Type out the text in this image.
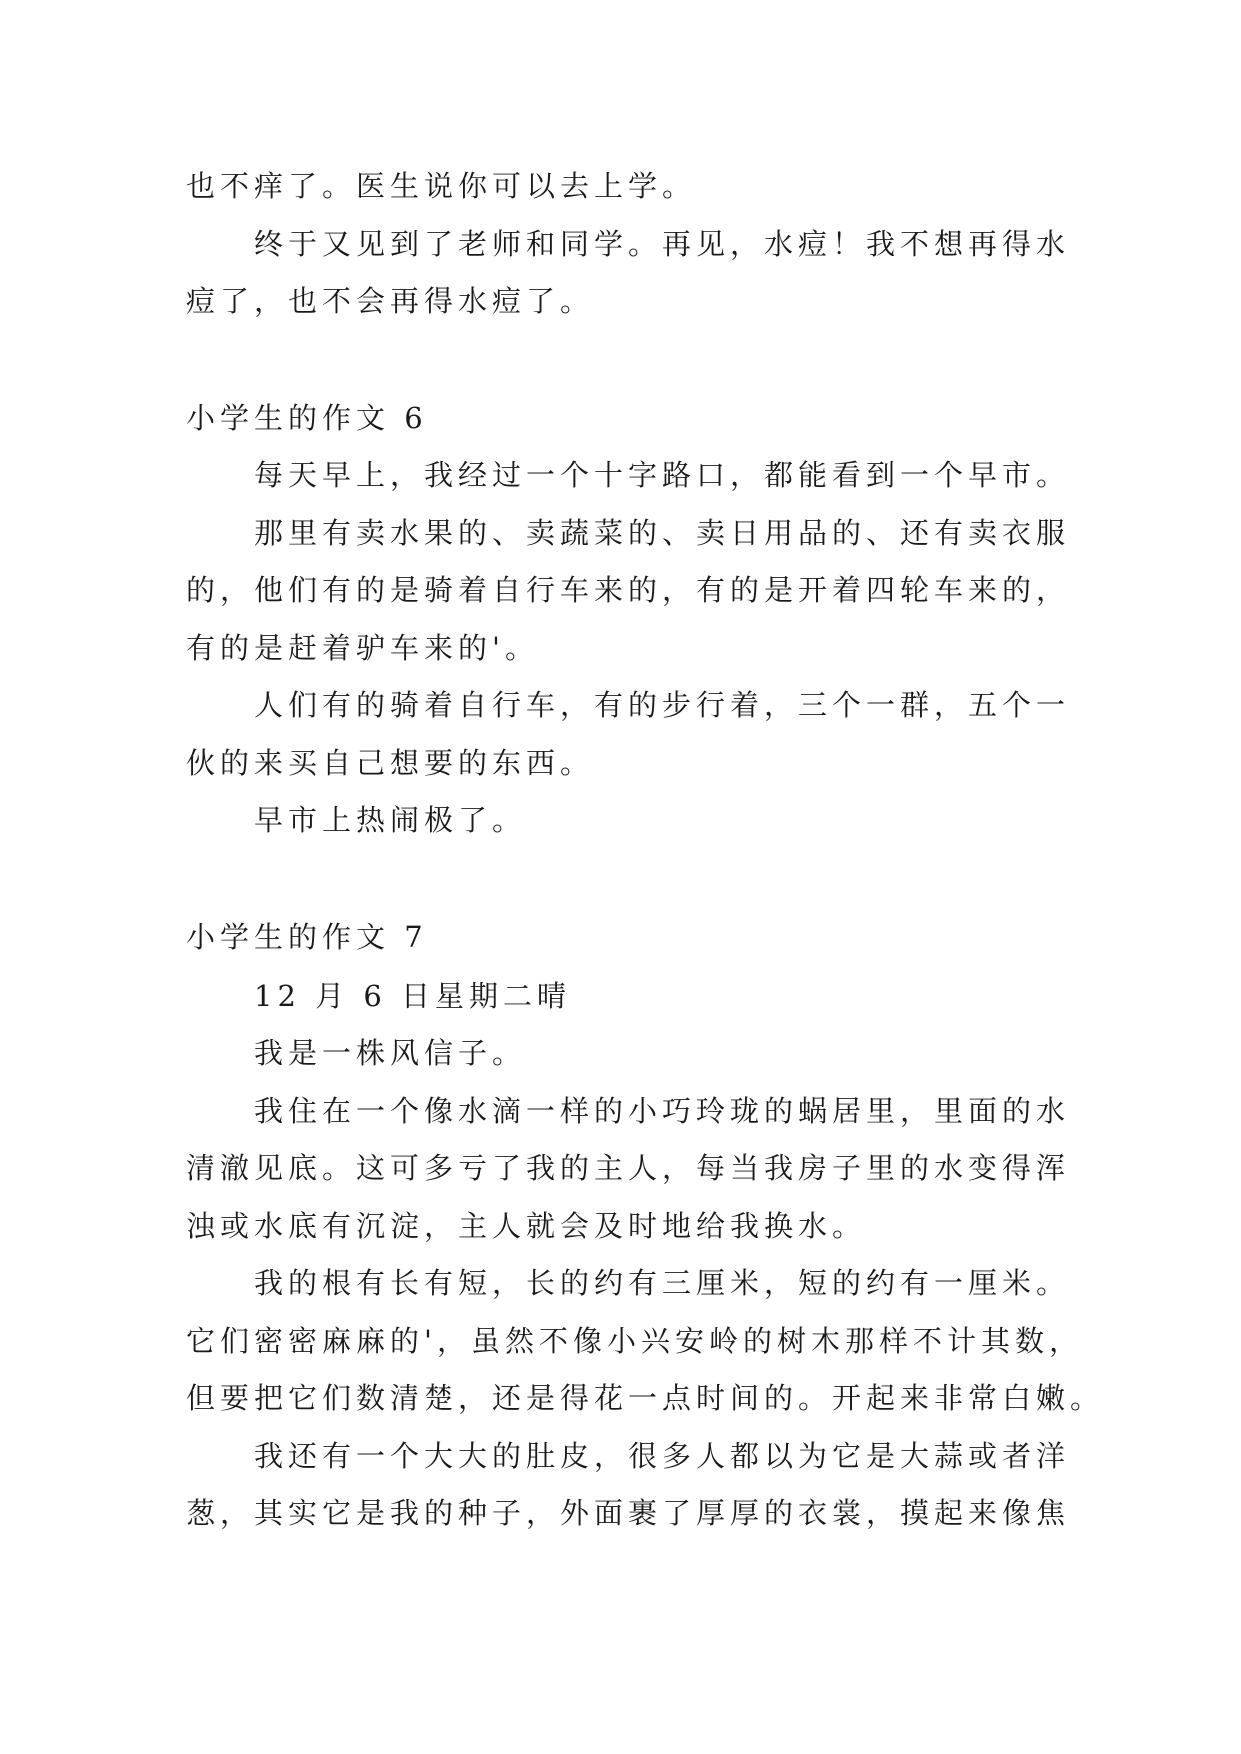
也不痒了。医生说你可以去上学。
终于又见到了老师和同学。再见，水痘！我不想再得水
痘了，也不会再得水痘了。
小学生的作文 6
每天早上，我经过一个十字路口，都能看到一个早市。
那里有卖水果的、卖蔬菜的、卖日用品的、还有卖衣服
的，他们有的是骑着自行车来的，有的是开着四轮车来的，
有的是赶着驴车来的'。
人们有的骑着自行车，有的步行着，三个一群，五个一
伙的来买自己想要的东西。
早市上热闹极了。
小学生的作文 7
12 月 6 日星期二晴
我是一株风信子。
我住在一个像水滴一样的小巧玲珑的蜗居里，里面的水
清澈见底。这可多亏了我的主人，每当我房子里的水变得浑
浊或水底有沉淀，主人就会及时地给我换水。
我的根有长有短，长的约有三厘米，短的约有一厘米。
它们密密麻麻的'，虽然不像小兴安岭的树木那样不计其数，
但要把它们数清楚，还是得花一点时间的。开起来非常白嫩。
我还有一个大大的肚皮，很多人都以为它是大蒜或者洋
葱，其实它是我的种子，外面裹了厚厚的衣裳，摸起来像焦
